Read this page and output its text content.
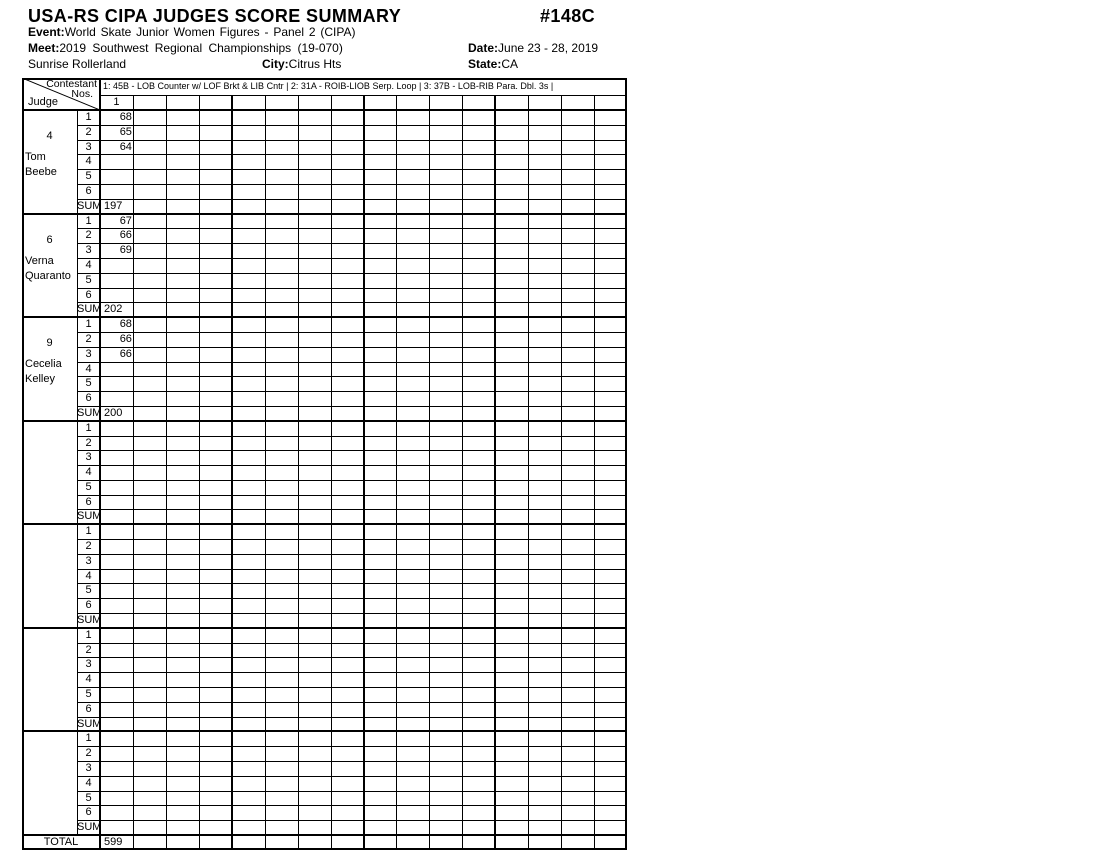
USA-RS CIPA JUDGES SCORE SUMMARY	#148C
Event:World Skate Junior Women Figures - Panel 2 (CIPA)
Meet:2019 Southwest Regional Championships (19-070)	Date:June 23 - 28, 2019
Sunrise Rollerland	City:Citrus Hts	State:CA
Contestant
Nos.
Judge
1: 45B - LOB Counter w/ LOF Brkt & LIB Cntr | 2: 31A - ROIB-LIOB Serp. Loop | 3: 37B - LOB-RIB Para. Dbl. 3s |
1
4
Tom
Beebe
1	68
2	65
3	64
4
5
6
SUM 197
6
Verna
Quaranto
1	67
2	66
3	69
4
5
6
SUM 202
9
Cecelia
Kelley
1	68
2	66
3	66
4
5
6
SUM 200
1
2
3
4
5
6
SUM
1
2
3
4
5
6
SUM
1
2
3
4
5
6
SUM
1
2
3
4
5
6
SUM
TOTAL	599
